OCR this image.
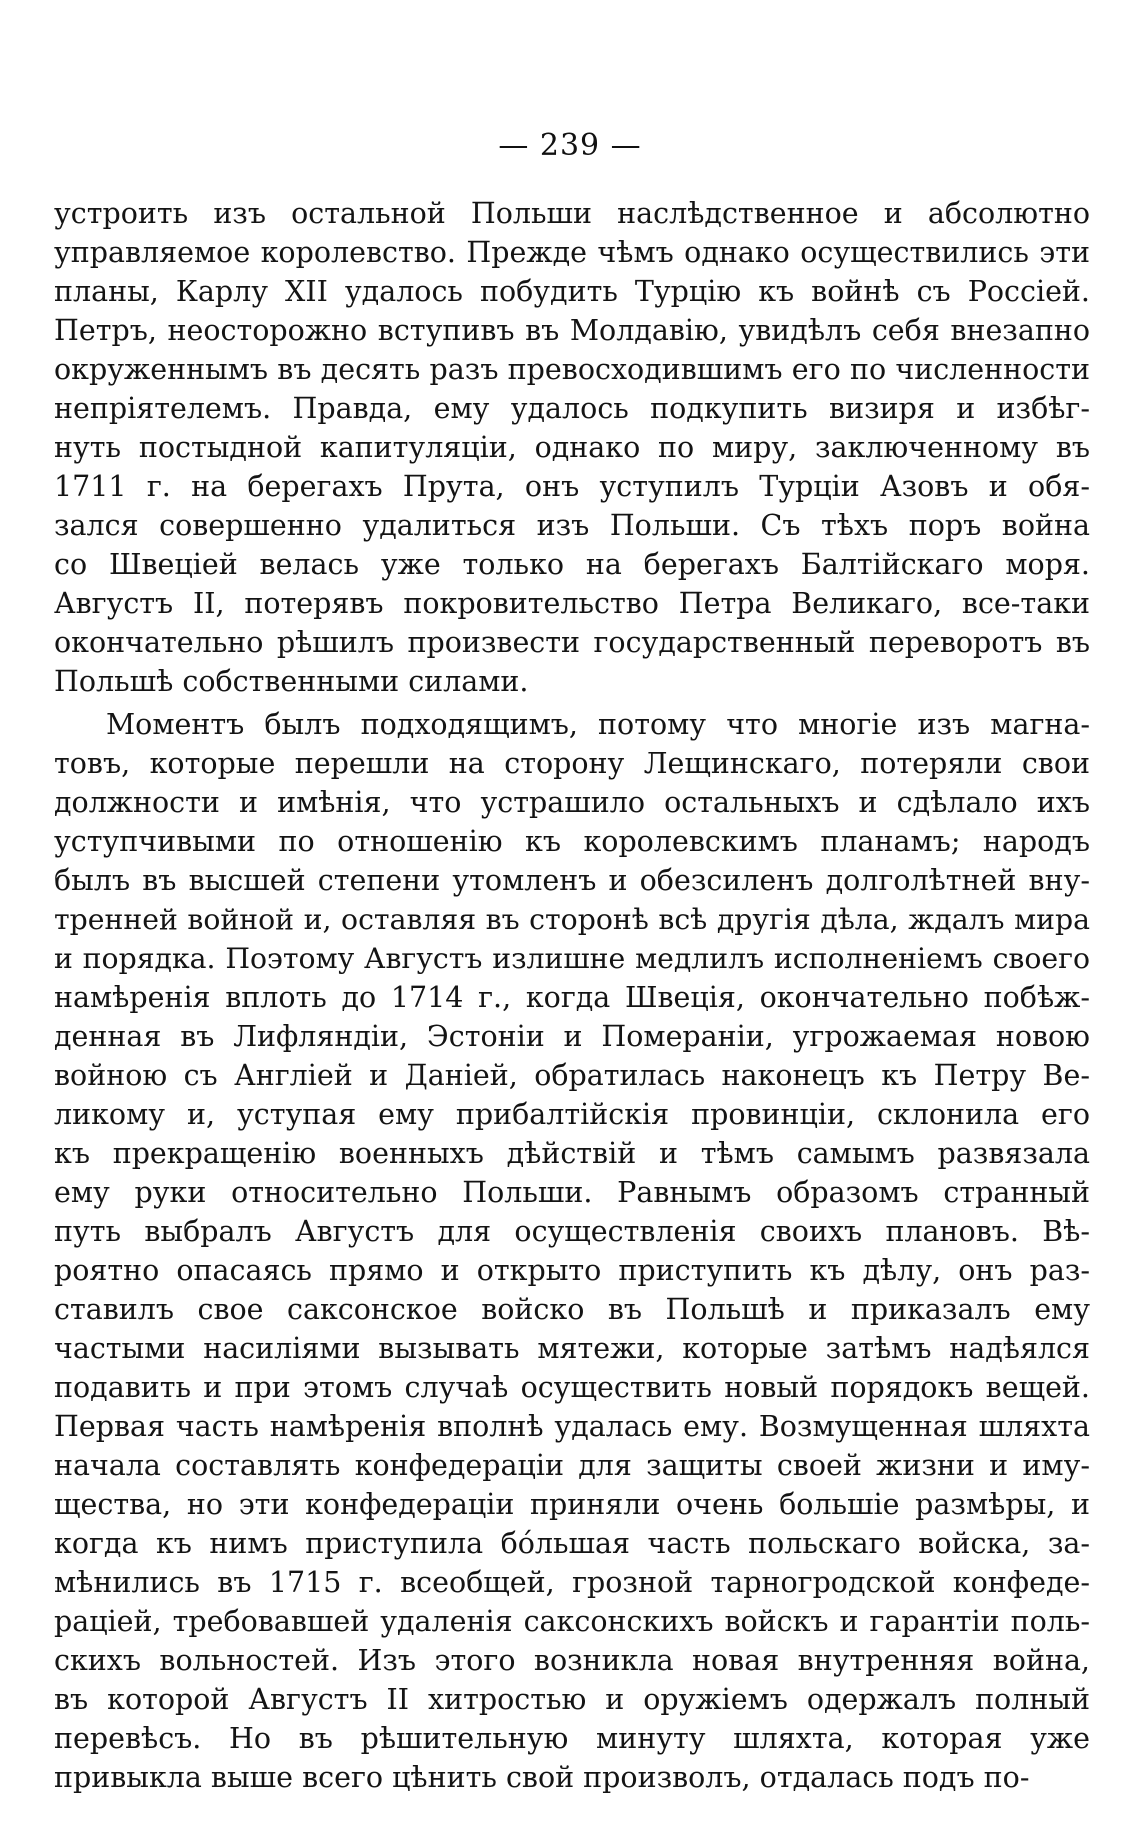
— 239 —
устроить изъ остальной Польши наслѣдственное и абсолютно
управляемое королевство. Прежде чѣмъ однако осуществились эти
планы, Карлу XII удалось побудить Турцію къ войнѣ съ Россіей.
Петръ, неосторожно вступивъ въ Молдавію, увидѣлъ себя внезапно
окруженнымъ въ десять разъ превосходившимъ его по численности
непріятелемъ. Правда, ему удалось подкупить визиря и избѣг-
нуть постыдной капитуляціи, однако по миру, заключенному въ
1711 г. на берегахъ Прута, онъ уступилъ Турціи Азовъ и обя-
зался совершенно удалиться изъ Польши. Съ тѣхъ поръ война
со Швеціей велась уже только на берегахъ Балтійскаго моря.
Августъ II, потерявъ покровительство Петра Великаго, все-таки
окончательно рѣшилъ произвести государственный переворотъ въ
Польшѣ собственными силами.
Моментъ былъ подходящимъ, потому что многіе изъ магна-
товъ, которые перешли на сторону Лещинскаго, потеряли свои
должности и имѣнія, что устрашило остальныхъ и сдѣлало ихъ
уступчивыми по отношенію къ королевскимъ планамъ; народъ
былъ въ высшей степени утомленъ и обезсиленъ долголѣтней вну-
тренней войной и, оставляя въ сторонѣ всѣ другія дѣла, ждалъ мира
и порядка. Поэтому Августъ излишне медлилъ исполненіемъ своего
намѣренія вплоть до 1714 г., когда Швеція, окончательно побѣж-
денная въ Лифляндіи, Эстоніи и Помераніи, угрожаемая новою
войною съ Англіей и Даніей, обратилась наконецъ къ Петру Ве-
ликому и, уступая ему прибалтійскія провинціи, склонила его
къ прекращенію военныхъ дѣйствій и тѣмъ самымъ развязала
ему руки относительно Польши. Равнымъ образомъ странный
путь выбралъ Августъ для осуществленія своихъ плановъ. Вѣ-
роятно опасаясь прямо и открыто приступить къ дѣлу, онъ раз-
ставилъ свое саксонское войско въ Польшѣ и приказалъ ему
частыми насиліями вызывать мятежи, которые затѣмъ надѣялся
подавить и при этомъ случаѣ осуществить новый порядокъ вещей.
Первая часть намѣренія вполнѣ удалась ему. Возмущенная шляхта
начала составлять конфедераціи для защиты своей жизни и иму-
щества, но эти конфедераціи приняли очень большіе размѣры, и
когда къ нимъ приступила бо́льшая часть польскаго войска, за-
мѣнились въ 1715 г. всеобщей, грозной тарногродской конфеде-
раціей, требовавшей удаленія саксонскихъ войскъ и гарантіи поль-
скихъ вольностей. Изъ этого возникла новая внутренняя война,
въ которой Августъ II хитростью и оружіемъ одержалъ полный
перевѣсъ. Но въ рѣшительную минуту шляхта, которая уже
привыкла выше всего цѣнить свой произволъ, отдалась подъ по-
